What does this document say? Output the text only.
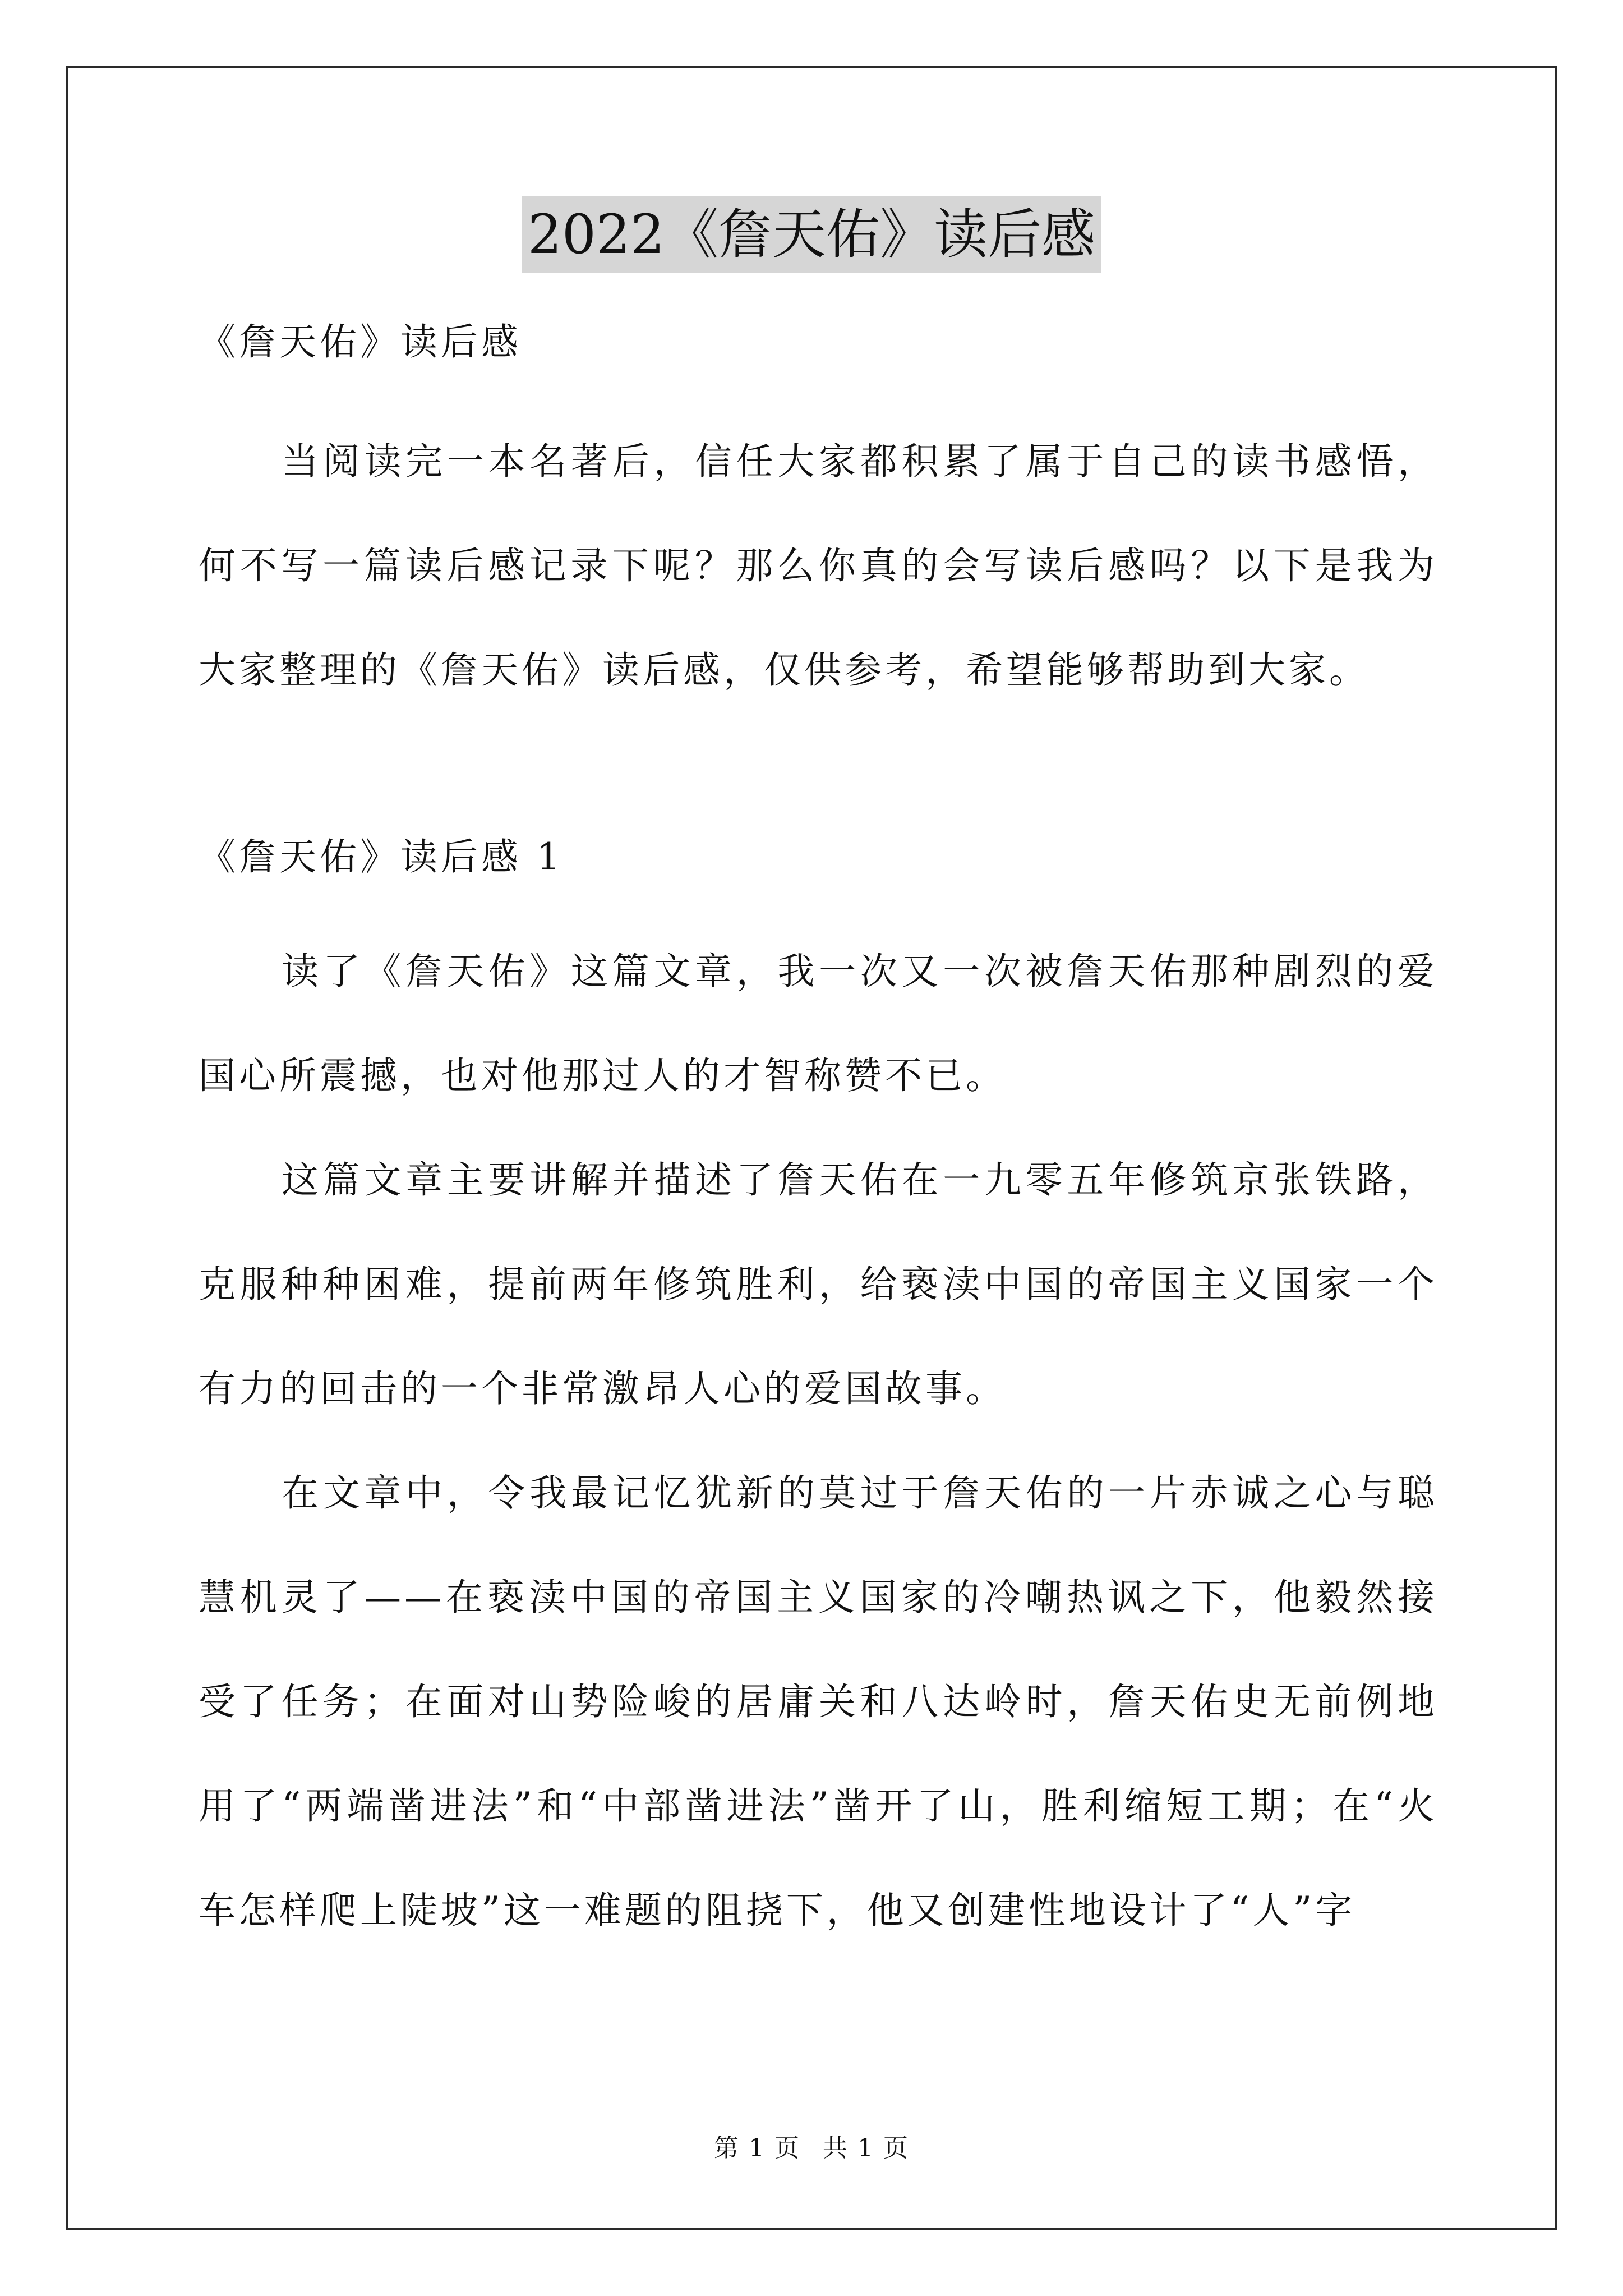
2022《詹天佑》读后感

《詹天佑》读后感

当阅读完一本名著后，信任大家都积累了属于自己的读书感悟，何不写一篇读后感记录下呢？那么你真的会写读后感吗？以下是我为大家整理的《詹天佑》读后感，仅供参考，希望能够帮助到大家。

《詹天佑》读后感 1

读了《詹天佑》这篇文章，我一次又一次被詹天佑那种剧烈的爱国心所震撼，也对他那过人的才智称赞不已。

这篇文章主要讲解并描述了詹天佑在一九零五年修筑京张铁路，克服种种困难，提前两年修筑胜利，给亵渎中国的帝国主义国家一个有力的回击的一个非常激昂人心的爱国故事。

在文章中，令我最记忆犹新的莫过于詹天佑的一片赤诚之心与聪慧机灵了——在亵渎中国的帝国主义国家的冷嘲热讽之下，他毅然接受了任务；在面对山势险峻的居庸关和八达岭时，詹天佑史无前例地用了“两端凿进法”和“中部凿进法”凿开了山，胜利缩短工期；在“火车怎样爬上陡坡”这一难题的阻挠下，他又创建性地设计了“人”字

第 1 页 共 1 页
